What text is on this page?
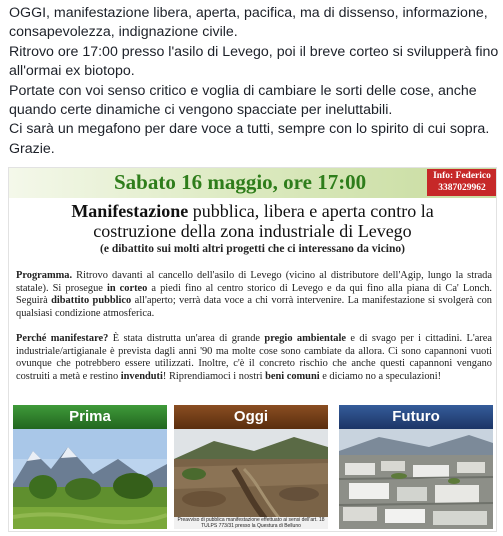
OGGI, manifestazione libera, aperta, pacifica, ma di dissenso, informazione, consapevolezza, indignazione civile.

Ritrovo ore 17:00 presso l'asilo di Levego, poi il breve corteo si svilupperà fino all'ormai ex biotopo.

Portate con voi senso critico e voglia di cambiare le sorti delle cose, anche quando certe dinamiche ci vengono spacciate per ineluttabili.

Ci sarà un megafono per dare voce a tutti, sempre con lo spirito di cui sopra.

Grazie.

Sabato 16 maggio, ore 17:00	Info: Federico
3387029962
Manifestazione pubblica, libera e aperta contro la
costruzione della zona industriale di Levego
(e dibattito sui molti altri progetti che ci interessano da vicino)
Programma. Ritrovo davanti al cancello dell'asilo di Levego (vicino al distributore dell'Agip, lungo la strada statale). Si prosegue in corteo a piedi fino al centro storico di Levego e da qui fino alla piana di Ca' Lonch. Seguirà dibattito pubblico all'aperto; verrà data voce a chi vorrà intervenire. La manifestazione si svolgerà con qualsiasi condizione atmosferica.
Perché manifestare? È stata distrutta un'area di grande pregio ambientale e di svago per i cittadini. L'area industriale/artigianale è prevista dagli anni '90 ma molte cose sono cambiate da allora. Ci sono capannoni vuoti ovunque che potrebbero essere utilizzati. Inoltre, c'è il concreto rischio che anche questi capannoni vengano costruiti a metà e restino invenduti! Riprendiamoci i nostri beni comuni e diciamo no a speculazioni!
Prima	Oggi	Futuro
Preavviso di pubblica manifestazione effettuato ai sensi dell'art. 18 TULPS 773/31 presso la Questura di Belluno
